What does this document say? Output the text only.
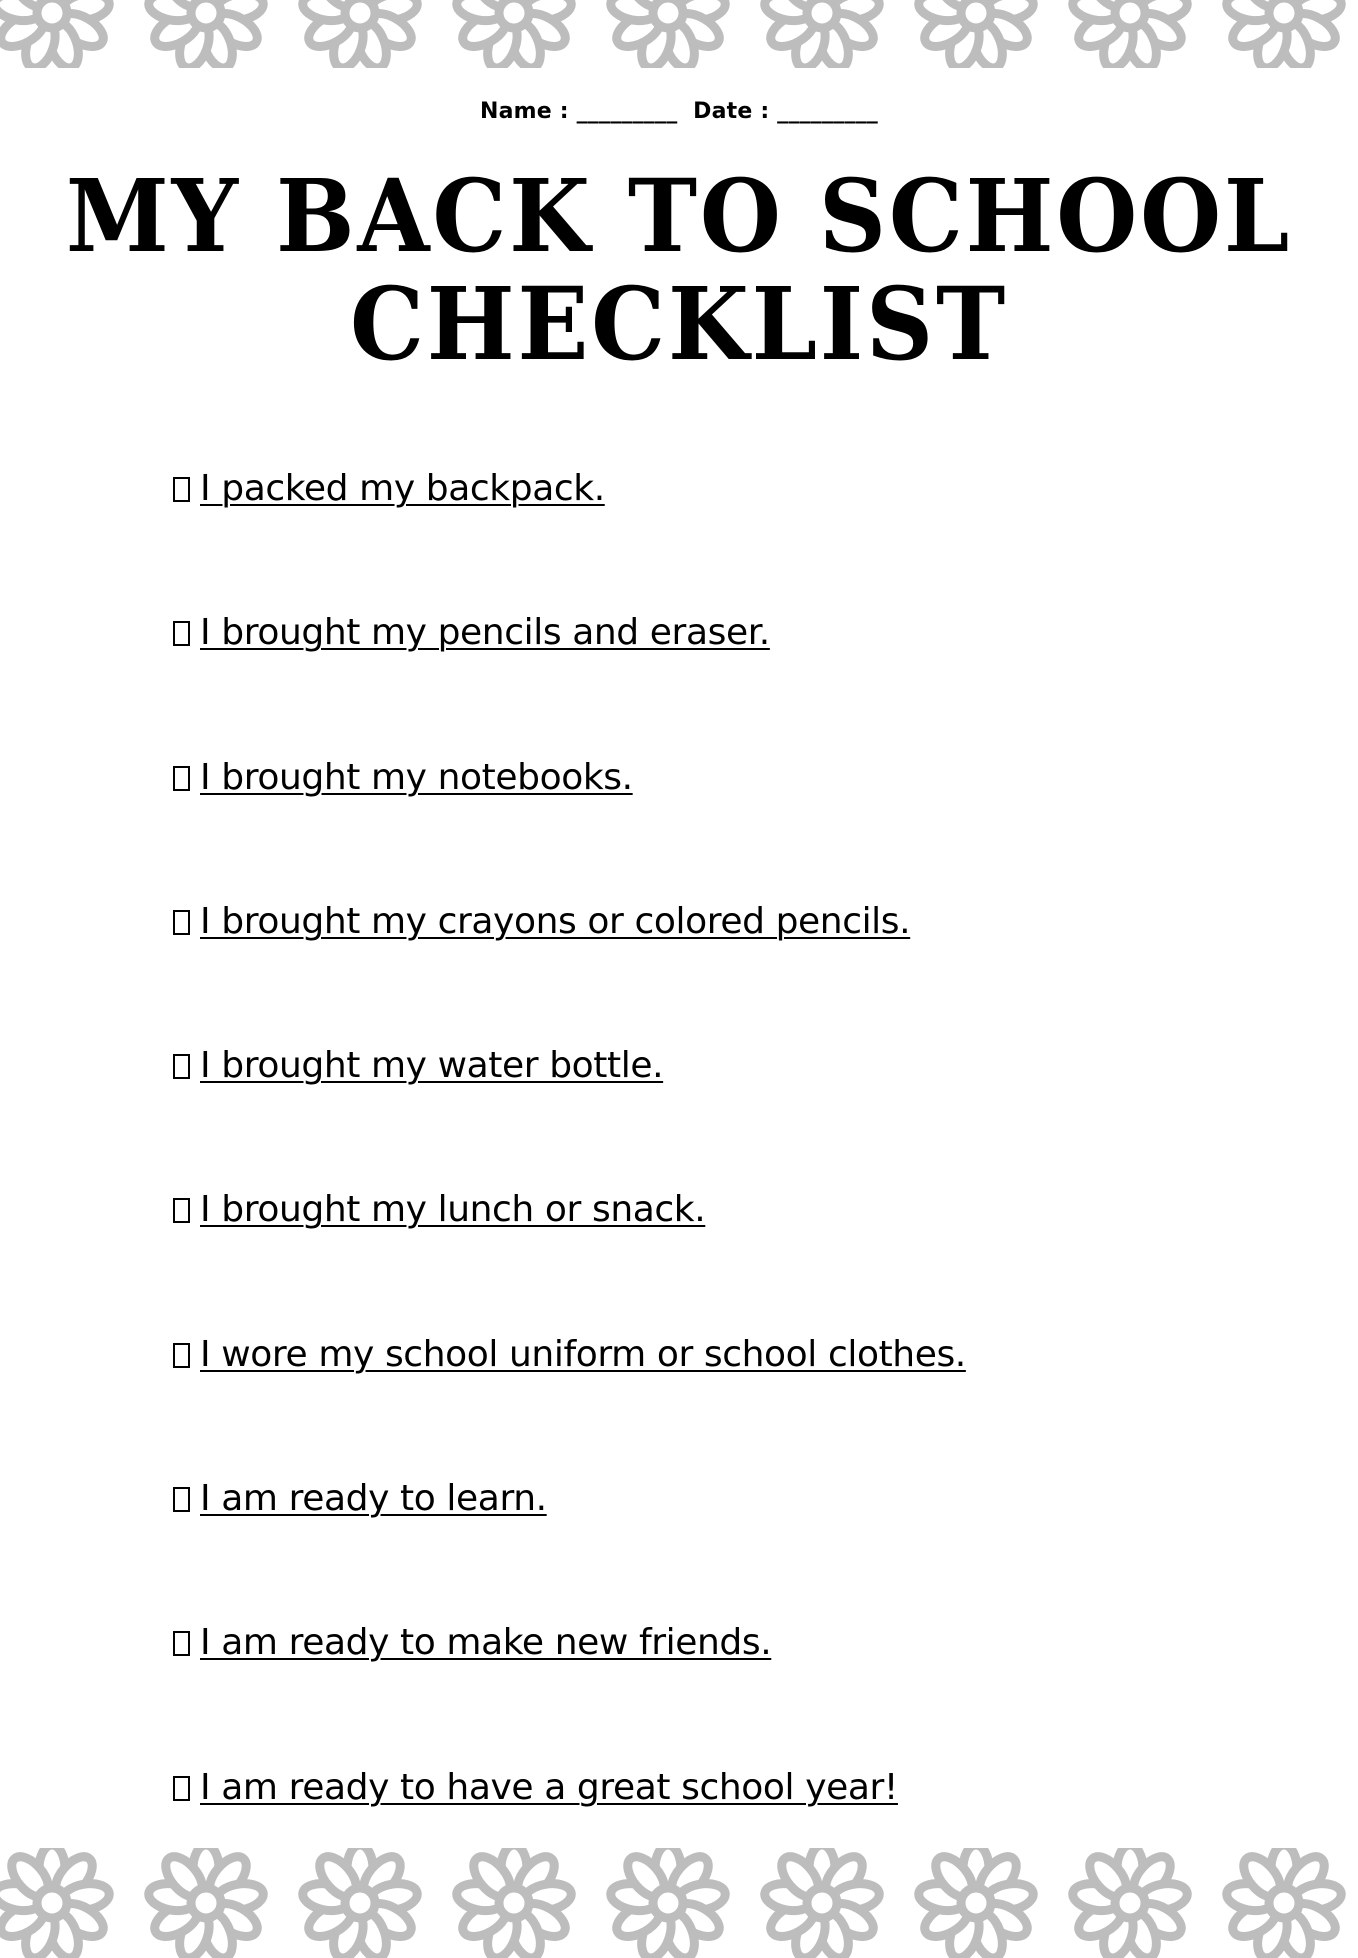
Name : _________ Date : _________
MY BACK TO SCHOOL
CHECKLIST
I packed my backpack.
I brought my pencils and eraser.
I brought my notebooks.
I brought my crayons or colored pencils.
I brought my water bottle.
I brought my lunch or snack.
I wore my school uniform or school clothes.
I am ready to learn.
I am ready to make new friends.
I am ready to have a great school year!
